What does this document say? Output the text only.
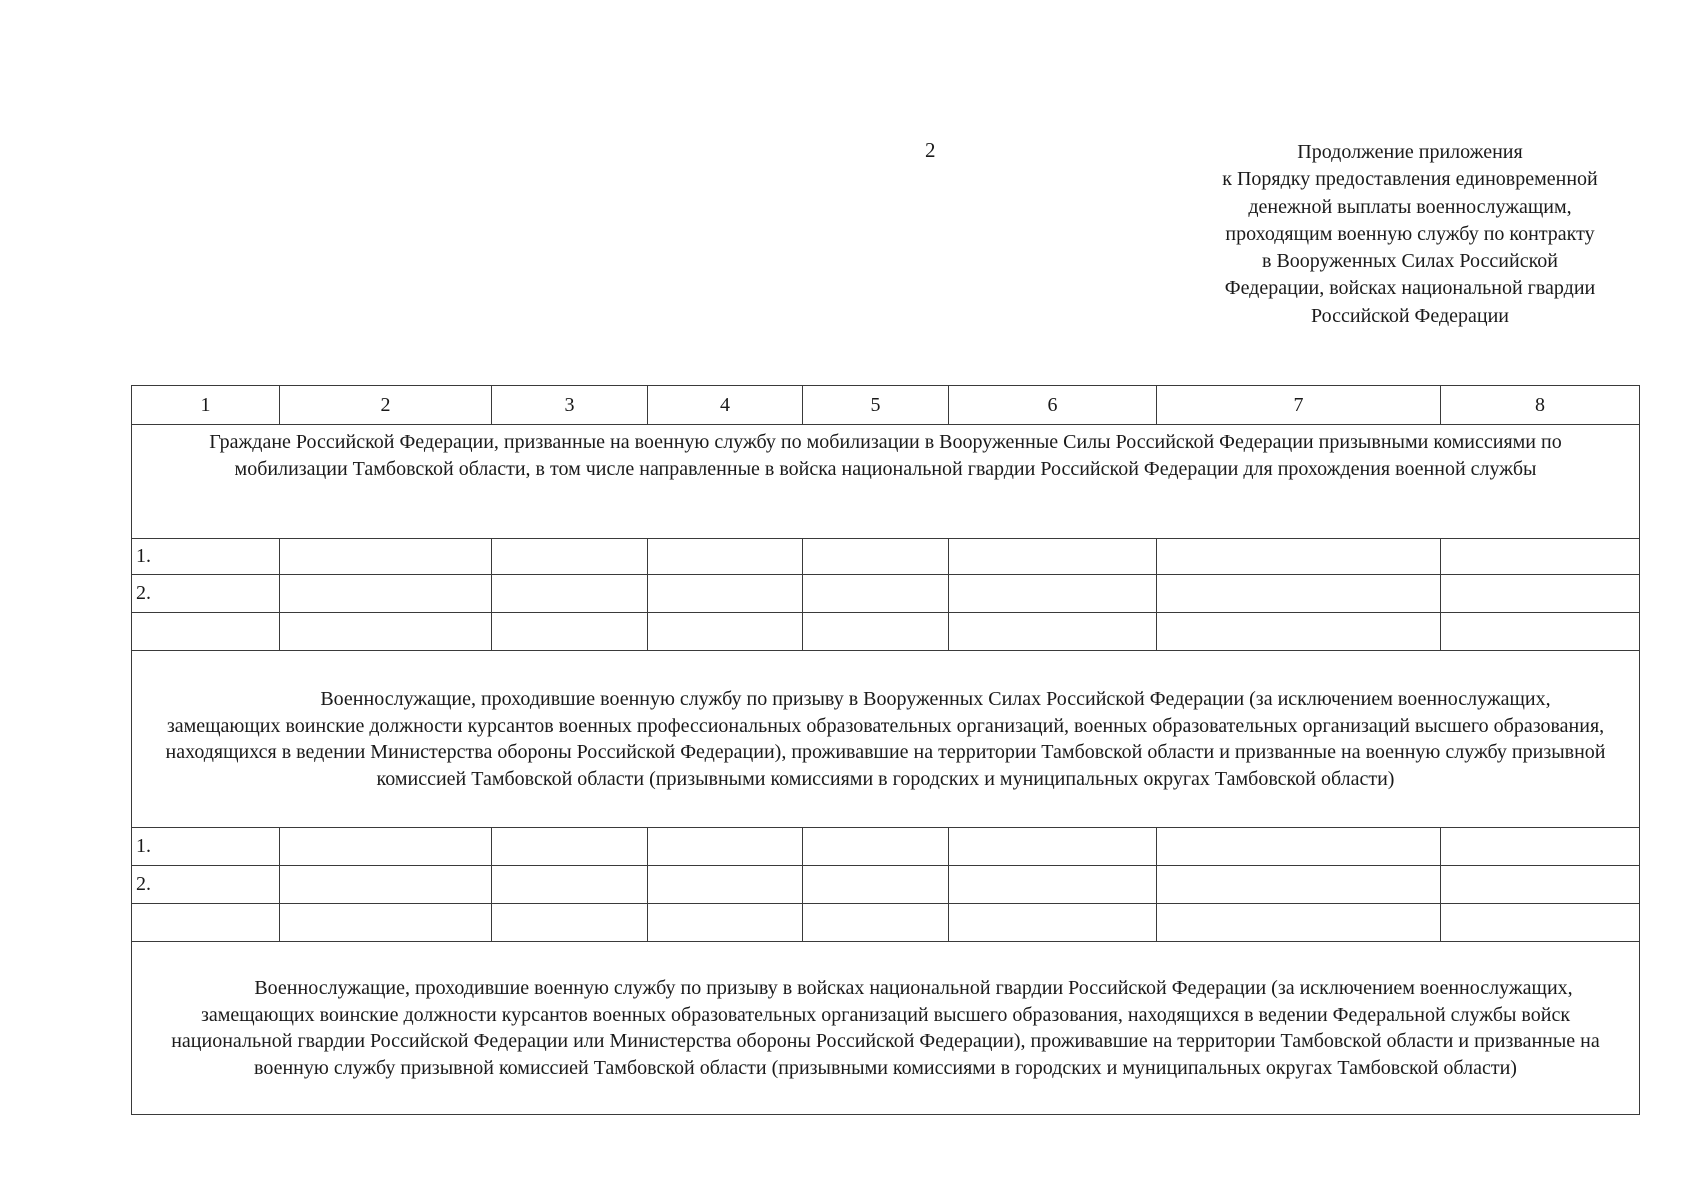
2	Продолжение приложения
к Порядку предоставления единовременной
денежной выплаты военнослужащим,
проходящим военную службу по контракту
в Вооруженных Силах Российской
Федерации, войсках национальной гвардии
Российской Федерации
1	2	3	4	5	6	7	8
Граждане Российской Федерации, призванные на военную службу по мобилизации в Вооруженные Силы Российской Федерации призывными комиссиями по мобилизации Тамбовской области, в том числе направленные в войска национальной гвардии Российской Федерации для прохождения военной службы							
1.							
2.							

Военнослужащие, проходившие военную службу по призыву в Вооруженных Силах Российской Федерации (за исключением военнослужащих, замещающих воинские должности курсантов военных профессиональных образовательных организаций, военных образовательных организаций высшего образования, находящихся в ведении Министерства обороны Российской Федерации), проживавшие на территории Тамбовской области и призванные на военную службу призывной комиссией Тамбовской области (призывными комиссиями в городских и муниципальных округах Тамбовской области)							
1.							
2.							

Военнослужащие, проходившие военную службу по призыву в войсках национальной гвардии Российской Федерации (за исключением военнослужащих, замещающих воинские должности курсантов военных образовательных организаций высшего образования, находящихся в ведении Федеральной службы войск национальной гвардии Российской Федерации или Министерства обороны Российской Федерации), проживавшие на территории Тамбовской области и призванные на военную службу призывной комиссией Тамбовской области (призывными комиссиями в городских и муниципальных округах Тамбовской области)							
